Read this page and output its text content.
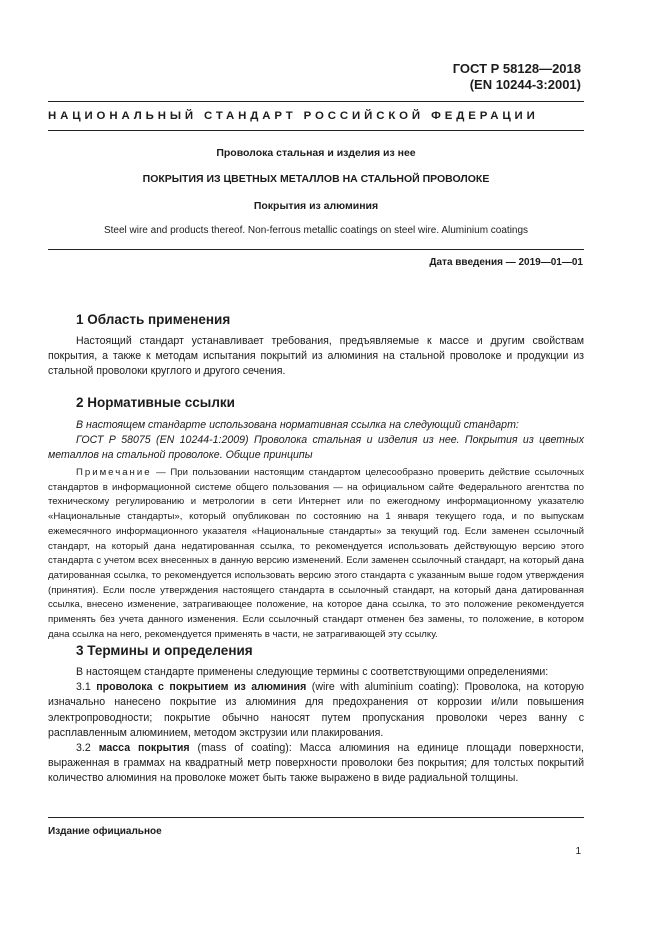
ГОСТ Р 58128—2018
(EN 10244-3:2001)
НАЦИОНАЛЬНЫЙ СТАНДАРТ РОССИЙСКОЙ ФЕДЕРАЦИИ
Проволока стальная и изделия из нее
ПОКРЫТИЯ ИЗ ЦВЕТНЫХ МЕТАЛЛОВ НА СТАЛЬНОЙ ПРОВОЛОКЕ
Покрытия из алюминия
Steel wire and products thereof. Non-ferrous metallic coatings on steel wire. Aluminium coatings
Дата введения — 2019—01—01
1 Область применения

Настоящий стандарт устанавливает требования, предъявляемые к массе и другим свойствам покрытия, а также к методам испытания покрытий из алюминия на стальной проволоке и продукции из стальной проволоки круглого и другого сечения.

2 Нормативные ссылки

В настоящем стандарте использована нормативная ссылка на следующий стандарт:

ГОСТ Р 58075 (EN 10244-1:2009) Проволока стальная и изделия из нее. Покрытия из цветных металлов на стальной проволоке. Общие принципы

Примечание — При пользовании настоящим стандартом целесообразно проверить действие ссылочных стандартов в информационной системе общего пользования — на официальном сайте Федерального агентства по техническому регулированию и метрологии в сети Интернет или по ежегодному информационному указателю «Национальные стандарты», который опубликован по состоянию на 1 января текущего года, и по выпускам ежемесячного информационного указателя «Национальные стандарты» за текущий год. Если заменен ссылочный стандарт, на который дана недатированная ссылка, то рекомендуется использовать действующую версию этого стандарта с учетом всех внесенных в данную версию изменений. Если заменен ссылочный стандарт, на который дана датированная ссылка, то рекомендуется использовать версию этого стандарта с указанным выше годом утверждения (принятия). Если после утверждения настоящего стандарта в ссылочный стандарт, на который дана датированная ссылка, внесено изменение, затрагивающее положение, на которое дана ссылка, то это положение рекомендуется применять без учета данного изменения. Если ссылочный стандарт отменен без замены, то положение, в котором дана ссылка на него, рекомендуется применять в части, не затрагивающей эту ссылку.

3 Термины и определения

В настоящем стандарте применены следующие термины с соответствующими определениями:

3.1 проволока с покрытием из алюминия (wire with aluminium coating): Проволока, на которую изначально нанесено покрытие из алюминия для предохранения от коррозии и/или повышения электропроводности; покрытие обычно наносят путем пропускания проволоки через ванну с расплавленным алюминием, методом экструзии или плакирования.

3.2 масса покрытия (mass of coating): Масса алюминия на единице площади поверхности, выраженная в граммах на квадратный метр поверхности проволоки без покрытия; для толстых покрытий количество алюминия на проволоке может быть также выражено в виде радиальной толщины.

Издание официальное
1
